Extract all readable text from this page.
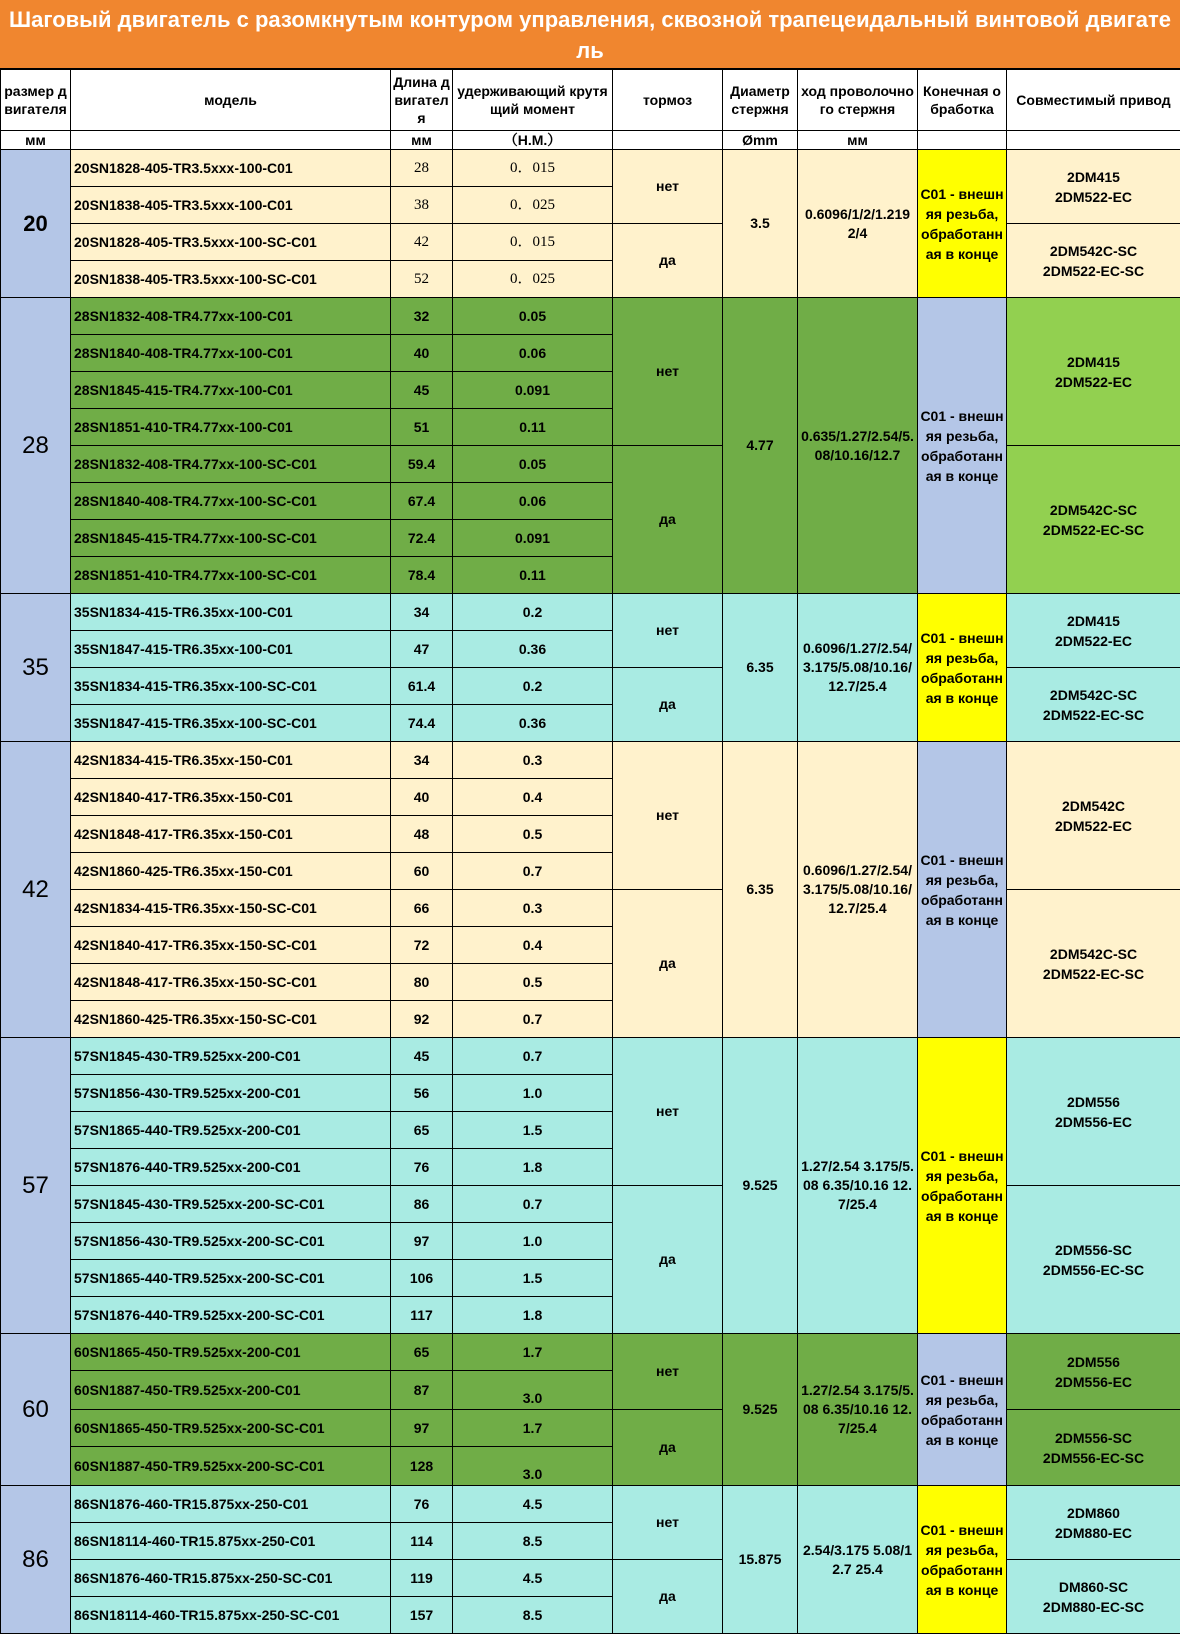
Шаговый двигатель с разомкнутым контуром управления, сквозной трапецеидальный винтовой двигатель
размер двигателя	модель	Длина двигателя	удерживающий крутящий момент	тормоз	Диаметр стержня	ход проволочного стержня	Конечная обработка	Совместимый привод
мм		мм	（Н.М.）		Ømm	мм		
20	20SN1828-405-TR3.5xxx-100-C01	28	0．015	нет	3.5	0.6096/1/2/1.2192/4	C01 - внешняя резьба, обработанная в конце	2DM415 2DM522-EC
	20SN1838-405-TR3.5xxx-100-C01	38	0．025					
	20SN1828-405-TR3.5xxx-100-SC-C01	42	0．015	да				2DM542C-SC 2DM522-EC-SC
	20SN1838-405-TR3.5xxx-100-SC-C01	52	0．025					
28	28SN1832-408-TR4.77xx-100-C01	32	0.05	нет	4.77	0.635/1.27/2.54/5.08/10.16/12.7	C01 - внешняя резьба, обработанная в конце	2DM415 2DM522-EC
	28SN1840-408-TR4.77xx-100-C01	40	0.06					
	28SN1845-415-TR4.77xx-100-C01	45	0.091					
	28SN1851-410-TR4.77xx-100-C01	51	0.11					
	28SN1832-408-TR4.77xx-100-SC-C01	59.4	0.05	да				2DM542C-SC 2DM522-EC-SC
	28SN1840-408-TR4.77xx-100-SC-C01	67.4	0.06					
	28SN1845-415-TR4.77xx-100-SC-C01	72.4	0.091					
	28SN1851-410-TR4.77xx-100-SC-C01	78.4	0.11					
35	35SN1834-415-TR6.35xx-100-C01	34	0.2	нет	6.35	0.6096/1.27/2.54/3.175/5.08/10.16/12.7/25.4	C01 - внешняя резьба, обработанная в конце	2DM415 2DM522-EC
	35SN1847-415-TR6.35xx-100-C01	47	0.36					
	35SN1834-415-TR6.35xx-100-SC-C01	61.4	0.2	да				2DM542C-SC 2DM522-EC-SC
	35SN1847-415-TR6.35xx-100-SC-C01	74.4	0.36					
42	42SN1834-415-TR6.35xx-150-C01	34	0.3	нет	6.35	0.6096/1.27/2.54/3.175/5.08/10.16/12.7/25.4	C01 - внешняя резьба, обработанная в конце	2DM542C 2DM522-EC
	42SN1840-417-TR6.35xx-150-C01	40	0.4					
	42SN1848-417-TR6.35xx-150-C01	48	0.5					
	42SN1860-425-TR6.35xx-150-C01	60	0.7					
	42SN1834-415-TR6.35xx-150-SC-C01	66	0.3	да				2DM542C-SC 2DM522-EC-SC
	42SN1840-417-TR6.35xx-150-SC-C01	72	0.4					
	42SN1848-417-TR6.35xx-150-SC-C01	80	0.5					
	42SN1860-425-TR6.35xx-150-SC-C01	92	0.7					
57	57SN1845-430-TR9.525xx-200-C01	45	0.7	нет	9.525	1.27/2.54 3.175/5.08 6.35/10.16 12.7/25.4	C01 - внешняя резьба, обработанная в конце	2DM556 2DM556-EC
	57SN1856-430-TR9.525xx-200-C01	56	1.0					
	57SN1865-440-TR9.525xx-200-C01	65	1.5					
	57SN1876-440-TR9.525xx-200-C01	76	1.8					
	57SN1845-430-TR9.525xx-200-SC-C01	86	0.7	да				2DM556-SC 2DM556-EC-SC
	57SN1856-430-TR9.525xx-200-SC-C01	97	1.0					
	57SN1865-440-TR9.525xx-200-SC-C01	106	1.5					
	57SN1876-440-TR9.525xx-200-SC-C01	117	1.8					
60	60SN1865-450-TR9.525xx-200-C01	65	1.7	нет	9.525	1.27/2.54 3.175/5.08 6.35/10.16 12.7/25.4	C01 - внешняя резьба, обработанная в конце	2DM556 2DM556-EC
	60SN1887-450-TR9.525xx-200-C01	87	3.0					
	60SN1865-450-TR9.525xx-200-SC-C01	97	1.7	да				2DM556-SC 2DM556-EC-SC
	60SN1887-450-TR9.525xx-200-SC-C01	128	3.0					
86	86SN1876-460-TR15.875xx-250-C01	76	4.5	нет	15.875	2.54/3.175 5.08/12.7 25.4	C01 - внешняя резьба, обработанная в конце	2DM860 2DM880-EC
	86SN18114-460-TR15.875xx-250-C01	114	8.5					
	86SN1876-460-TR15.875xx-250-SC-C01	119	4.5	да				DM860-SC 2DM880-EC-SC
	86SN18114-460-TR15.875xx-250-SC-C01	157	8.5					
